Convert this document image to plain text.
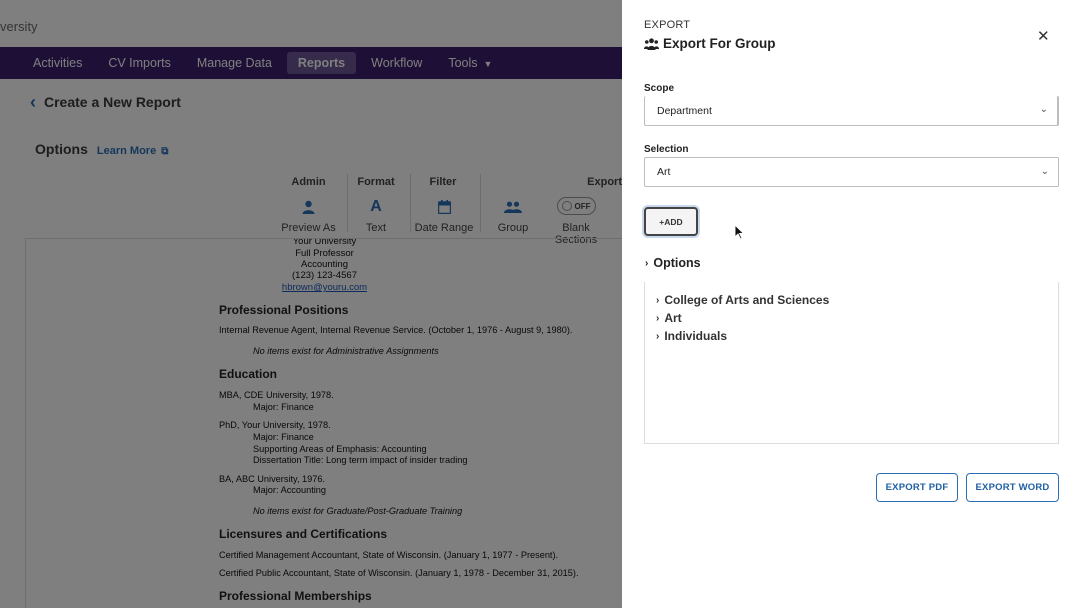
EXPORT
Export For Group	✕
Scope
Department	⌄
Selection
Art	⌄
+ADD
› Options
› College of Arts and Sciences
› Art
› Individuals
EXPORT PDF	EXPORT WORD
